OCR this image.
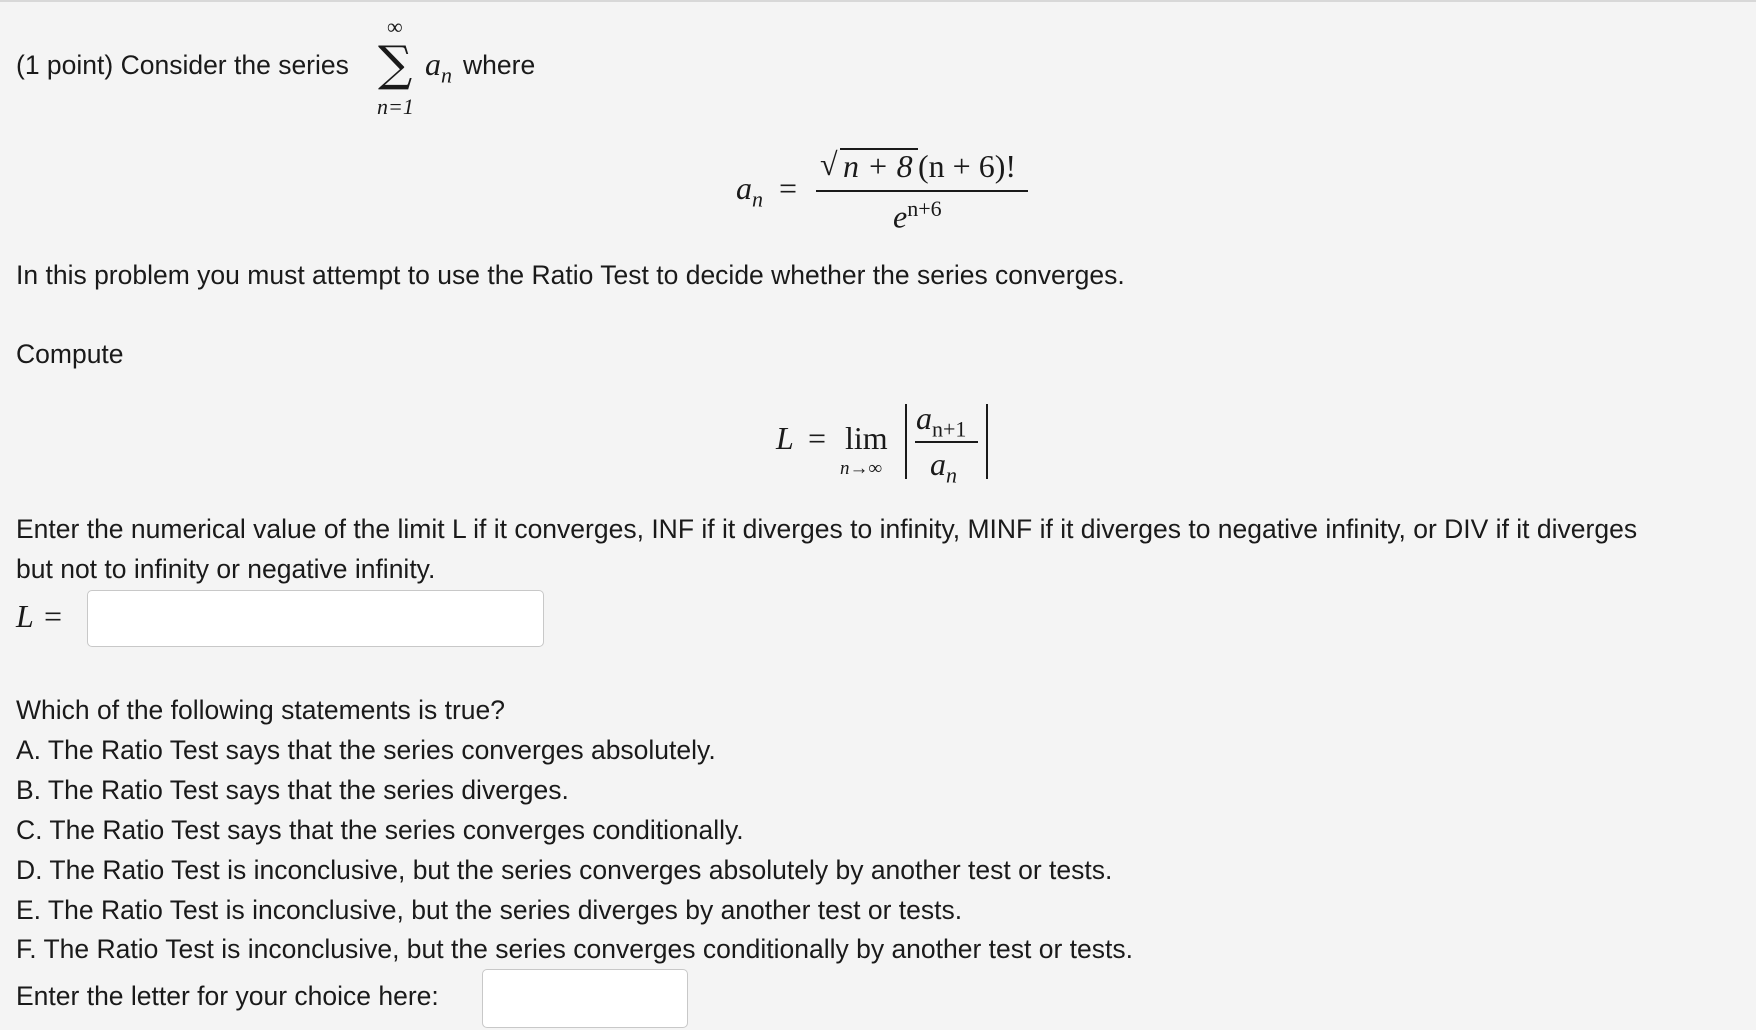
(1 point) Consider the series
∞
∑
n=1
$a_n$ where
$a_n$ =
√ n + 8 (n + 6)!
$e^{n+6}$
In this problem you must attempt to use the Ratio Test to decide whether the series converges.
Compute
L = lim
n→∞
$a_{n+1}$
$a_n$
Enter the numerical value of the limit L if it converges, INF if it diverges to infinity, MINF if it diverges to negative infinity, or DIV if it diverges
but not to infinity or negative infinity.
L =
Which of the following statements is true?
A. The Ratio Test says that the series converges absolutely.
B. The Ratio Test says that the series diverges.
C. The Ratio Test says that the series converges conditionally.
D. The Ratio Test is inconclusive, but the series converges absolutely by another test or tests.
E. The Ratio Test is inconclusive, but the series diverges by another test or tests.
F. The Ratio Test is inconclusive, but the series converges conditionally by another test or tests.
Enter the letter for your choice here:
